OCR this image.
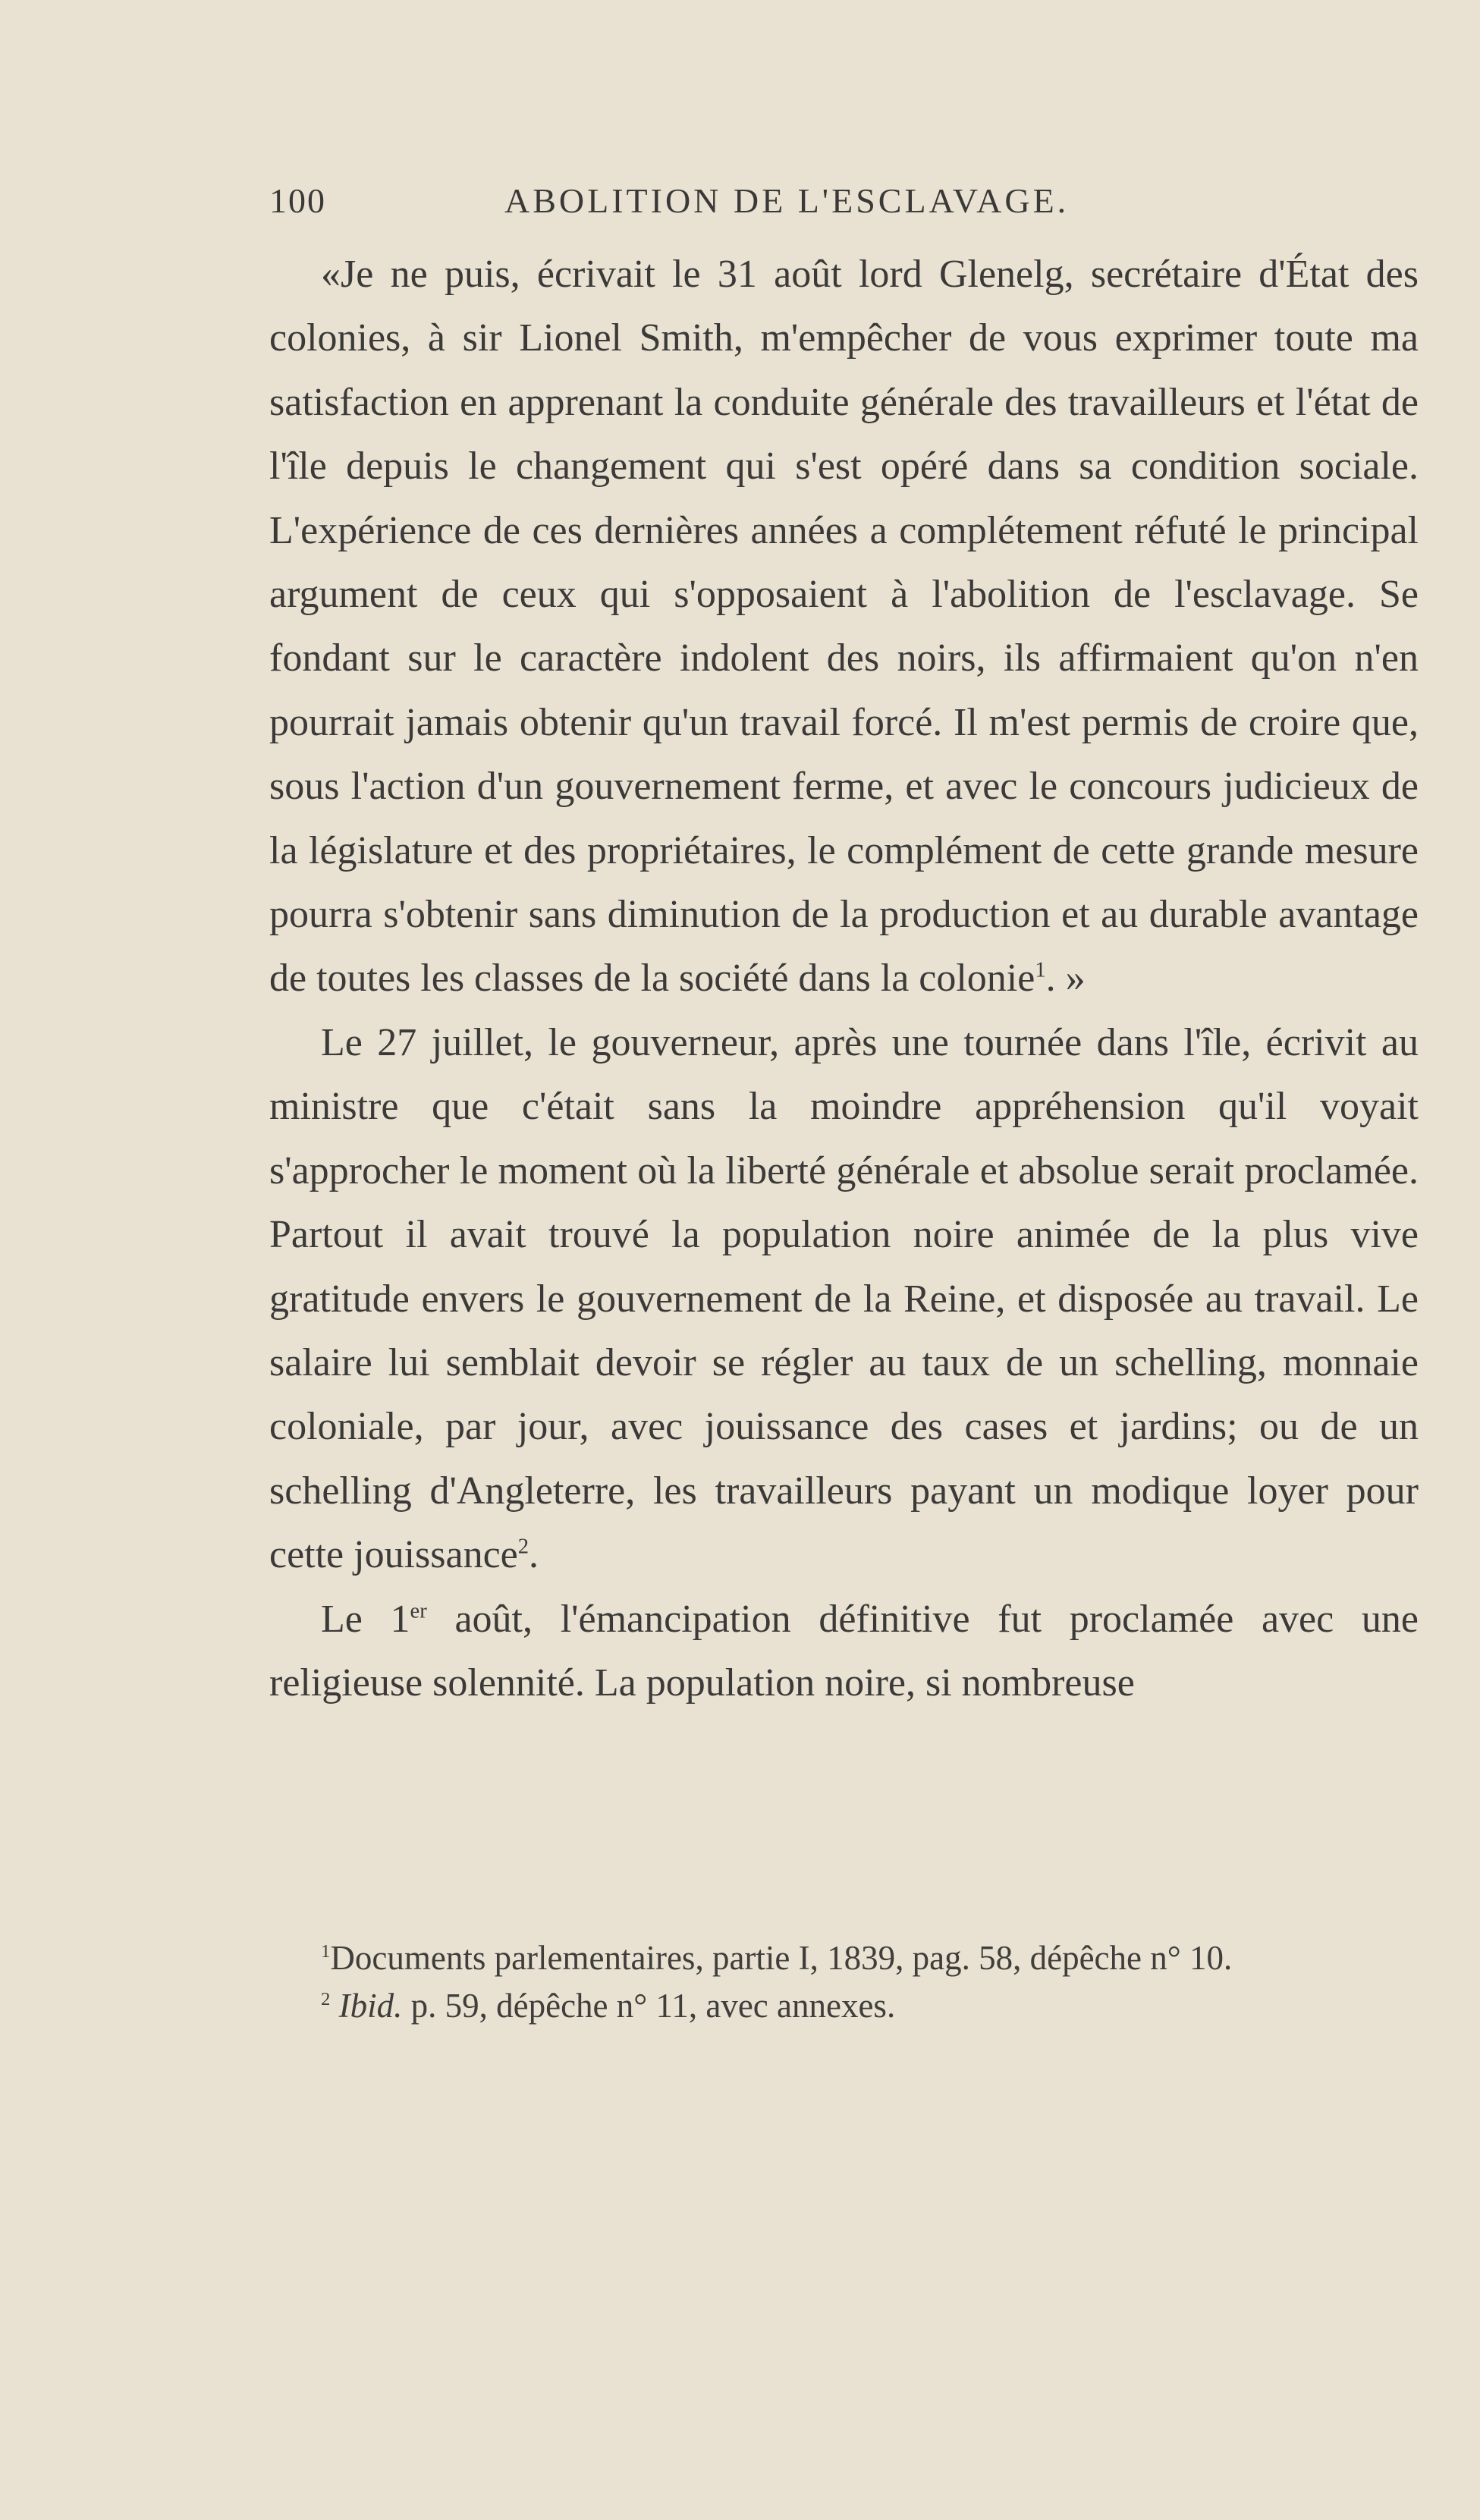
100	ABOLITION DE L'ESCLAVAGE.

«Je ne puis, écrivait le 31 août lord Glenelg, secrétaire d'État des colonies, à sir Lionel Smith, m'empêcher de vous exprimer toute ma satisfaction en apprenant la conduite générale des travailleurs et l'état de l'île depuis le changement qui s'est opéré dans sa condition sociale. L'expérience de ces dernières années a complétement réfuté le principal argument de ceux qui s'opposaient à l'abolition de l'esclavage. Se fondant sur le caractère indolent des noirs, ils affirmaient qu'on n'en pourrait jamais obtenir qu'un travail forcé. Il m'est permis de croire que, sous l'action d'un gouvernement ferme, et avec le concours judicieux de la législature et des propriétaires, le complément de cette grande mesure pourra s'obtenir sans diminution de la production et au durable avantage de toutes les classes de la société dans la colonie$^1$. »

Le 27 juillet, le gouverneur, après une tournée dans l'île, écrivit au ministre que c'était sans la moindre appréhension qu'il voyait s'approcher le moment où la liberté générale et absolue serait proclamée. Partout il avait trouvé la population noire animée de la plus vive gratitude envers le gouvernement de la Reine, et disposée au travail. Le salaire lui semblait devoir se régler au taux de un schelling, monnaie coloniale, par jour, avec jouissance des cases et jardins; ou de un schelling d'Angleterre, les travailleurs payant un modique loyer pour cette jouissance$^2$.

Le 1er août, l'émancipation définitive fut proclamée avec une religieuse solennité. La population noire, si nombreuse

$^1$Documents parlementaires, partie I, 1839, pag. 58, dépêche n° 10.

$^2$ Ibid. p. 59, dépêche n° 11, avec annexes.
